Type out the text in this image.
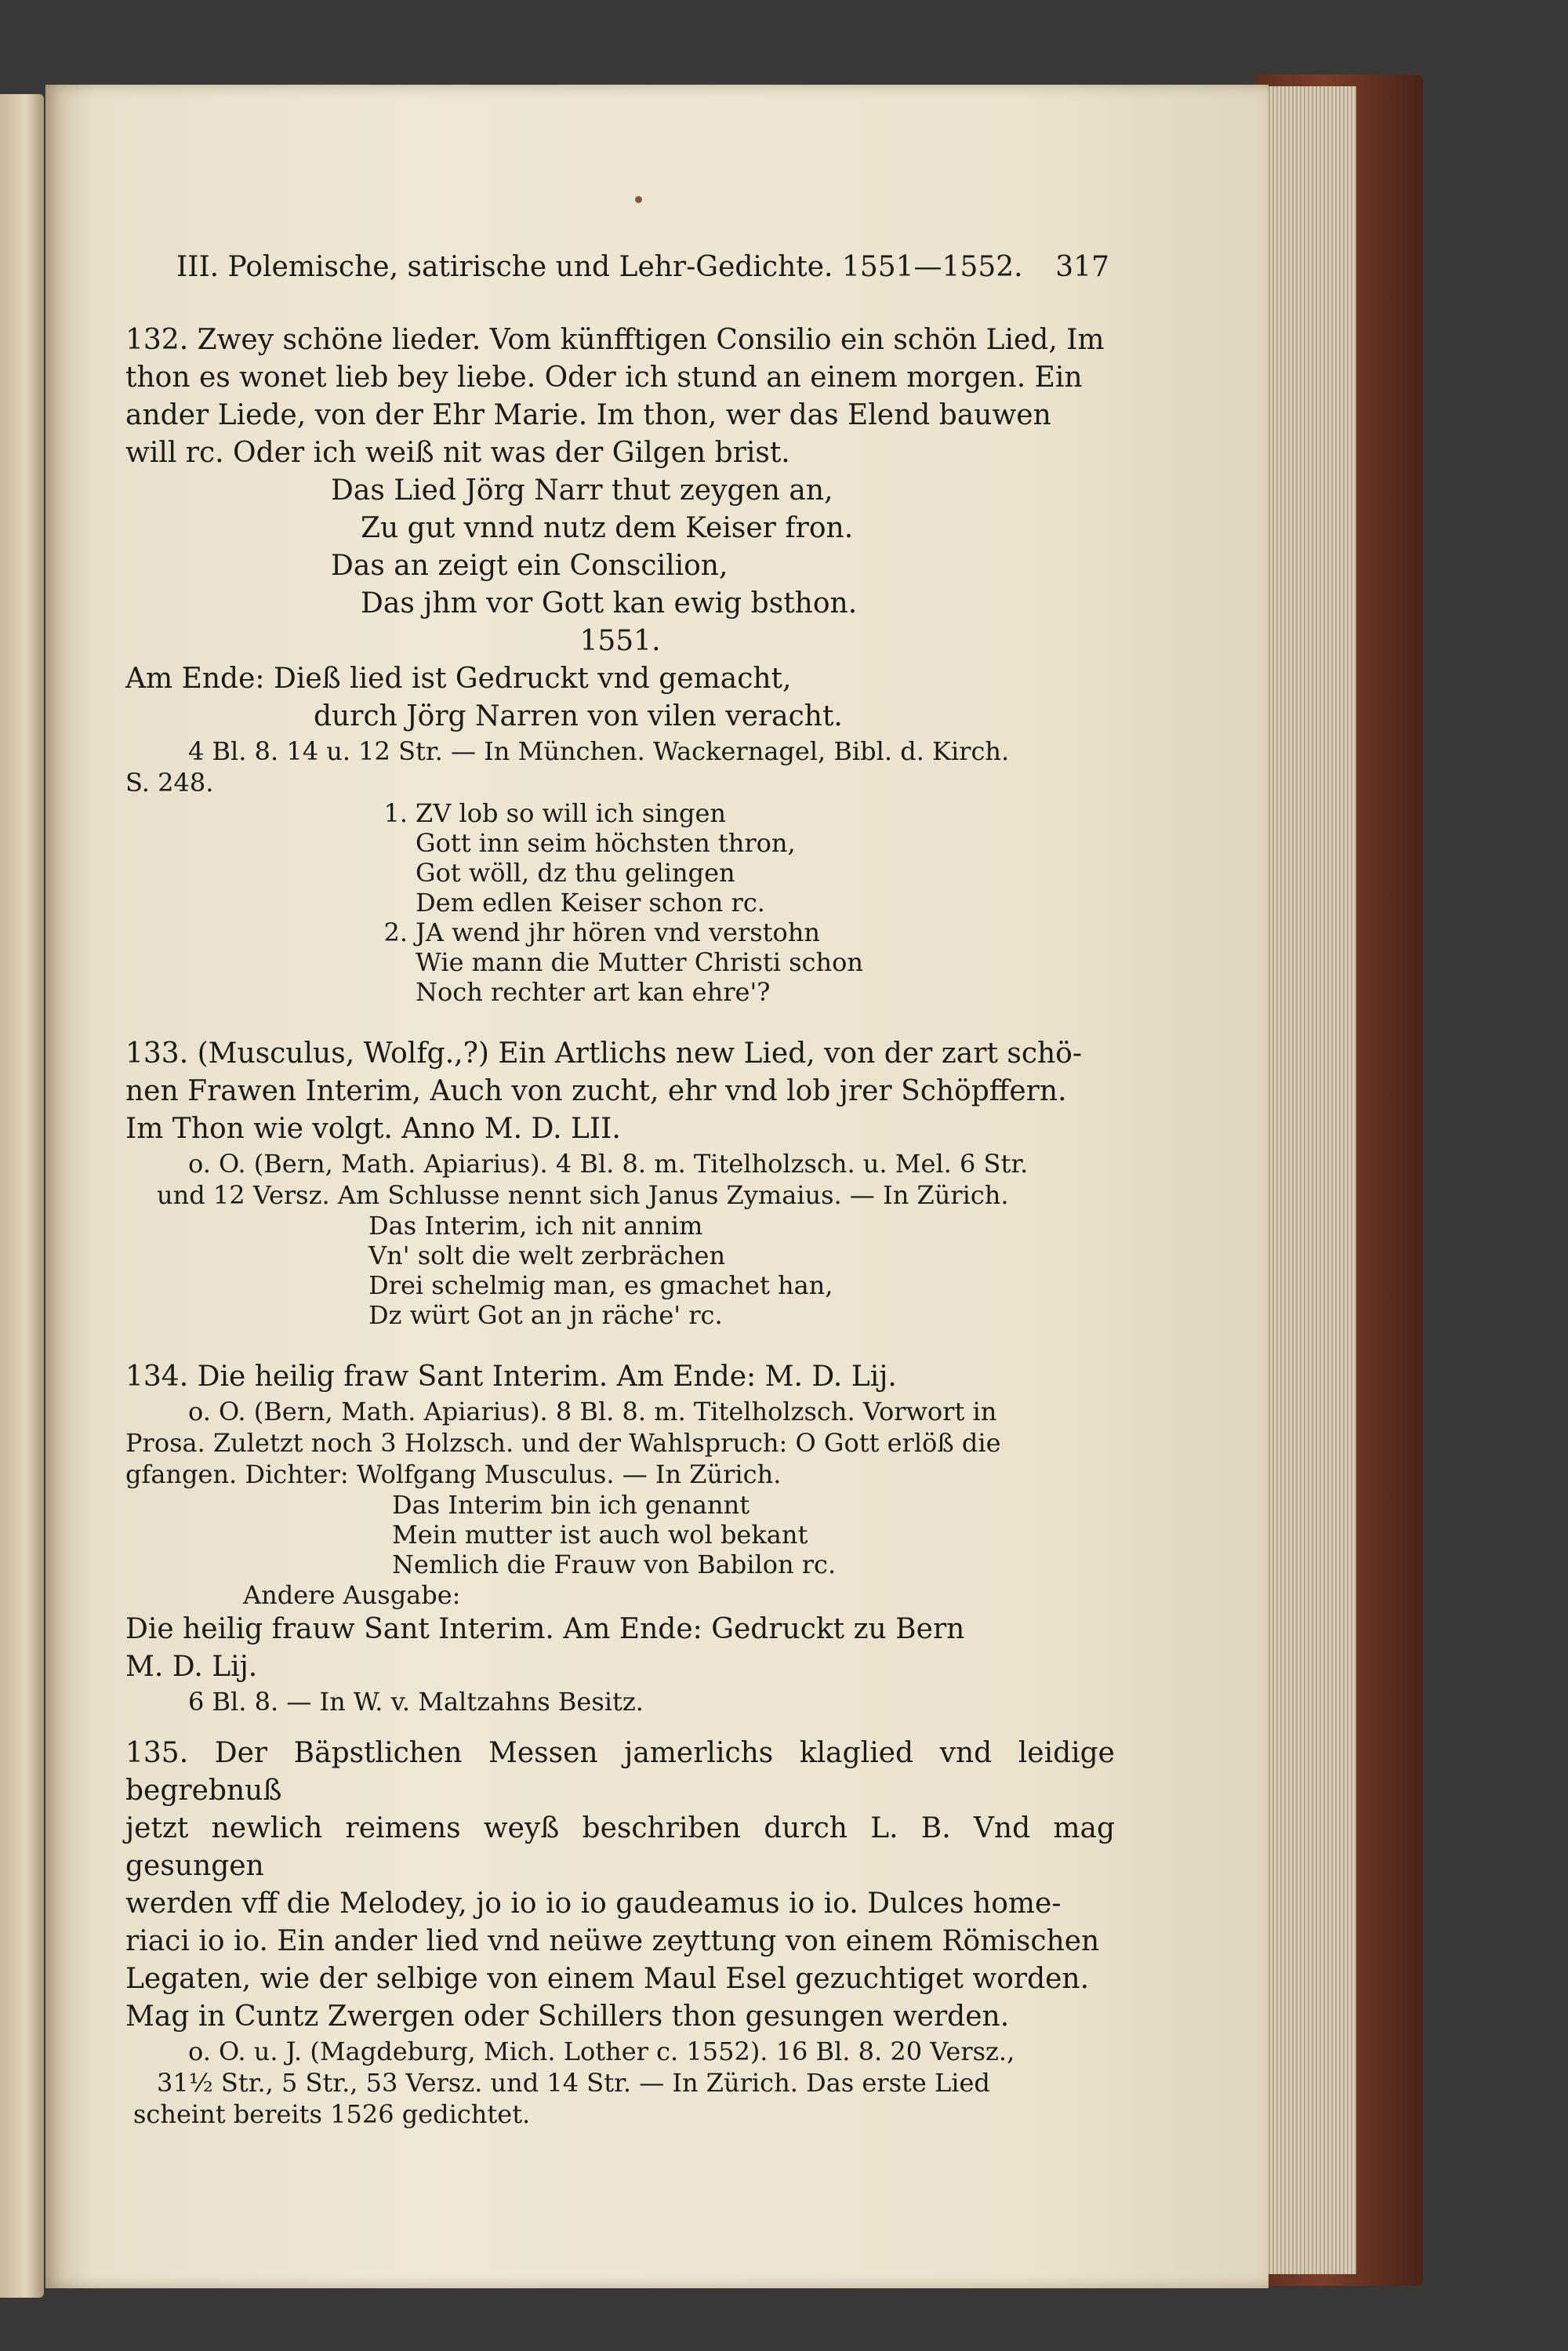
III. Polemische, satirische und Lehr-Gedichte. 1551—1552. 317

132. Zwey schöne lieder. Vom künfftigen Consilio ein schön Lied, Im

thon es wonet lieb bey liebe. Oder ich stund an einem morgen. Ein

ander Liede, von der Ehr Marie. Im thon, wer das Elend bauwen

will rc. Oder ich weiß nit was der Gilgen brist.

Das Lied Jörg Narr thut zeygen an,

Zu gut vnnd nutz dem Keiser fron.

Das an zeigt ein Conscilion,

Das jhm vor Gott kan ewig bsthon.

1551.

Am Ende: Dieß lied ist Gedruckt vnd gemacht,

durch Jörg Narren von vilen veracht.

4 Bl. 8. 14 u. 12 Str. — In München. Wackernagel, Bibl. d. Kirch.

S. 248.

1. ZV lob so will ich singen

Gott inn seim höchsten thron,

Got wöll, dz thu gelingen

Dem edlen Keiser schon rc.

2. JA wend jhr hören vnd verstohn

Wie mann die Mutter Christi schon

Noch rechter art kan ehre'?

133. (Musculus, Wolfg.,?) Ein Artlichs new Lied, von der zart schö-

nen Frawen Interim, Auch von zucht, ehr vnd lob jrer Schöpffern.

Im Thon wie volgt. Anno M. D. LII.

o. O. (Bern, Math. Apiarius). 4 Bl. 8. m. Titelholzsch. u. Mel. 6 Str.

und 12 Versz. Am Schlusse nennt sich Janus Zymaius. — In Zürich.

Das Interim, ich nit annim

Vn' solt die welt zerbrächen

Drei schelmig man, es gmachet han,

Dz würt Got an jn räche' rc.

134. Die heilig fraw Sant Interim. Am Ende: M. D. Lij.

o. O. (Bern, Math. Apiarius). 8 Bl. 8. m. Titelholzsch. Vorwort in

Prosa. Zuletzt noch 3 Holzsch. und der Wahlspruch: O Gott erlöß die

gfangen. Dichter: Wolfgang Musculus. — In Zürich.

Das Interim bin ich genannt

Mein mutter ist auch wol bekant

Nemlich die Frauw von Babilon rc.

Andere Ausgabe:

Die heilig frauw Sant Interim. Am Ende: Gedruckt zu Bern

M. D. Lij.

6 Bl. 8. — In W. v. Maltzahns Besitz.

135. Der Bäpstlichen Messen jamerlichs klaglied vnd leidige begrebnuß

jetzt newlich reimens weyß beschriben durch L. B. Vnd mag gesungen

werden vff die Melodey, jo io io io gaudeamus io io. Dulces home-

riaci io io. Ein ander lied vnd neüwe zeyttung von einem Römischen

Legaten, wie der selbige von einem Maul Esel gezuchtiget worden.

Mag in Cuntz Zwergen oder Schillers thon gesungen werden.

o. O. u. J. (Magdeburg, Mich. Lother c. 1552). 16 Bl. 8. 20 Versz.,

31½ Str., 5 Str., 53 Versz. und 14 Str. — In Zürich. Das erste Lied

scheint bereits 1526 gedichtet.
